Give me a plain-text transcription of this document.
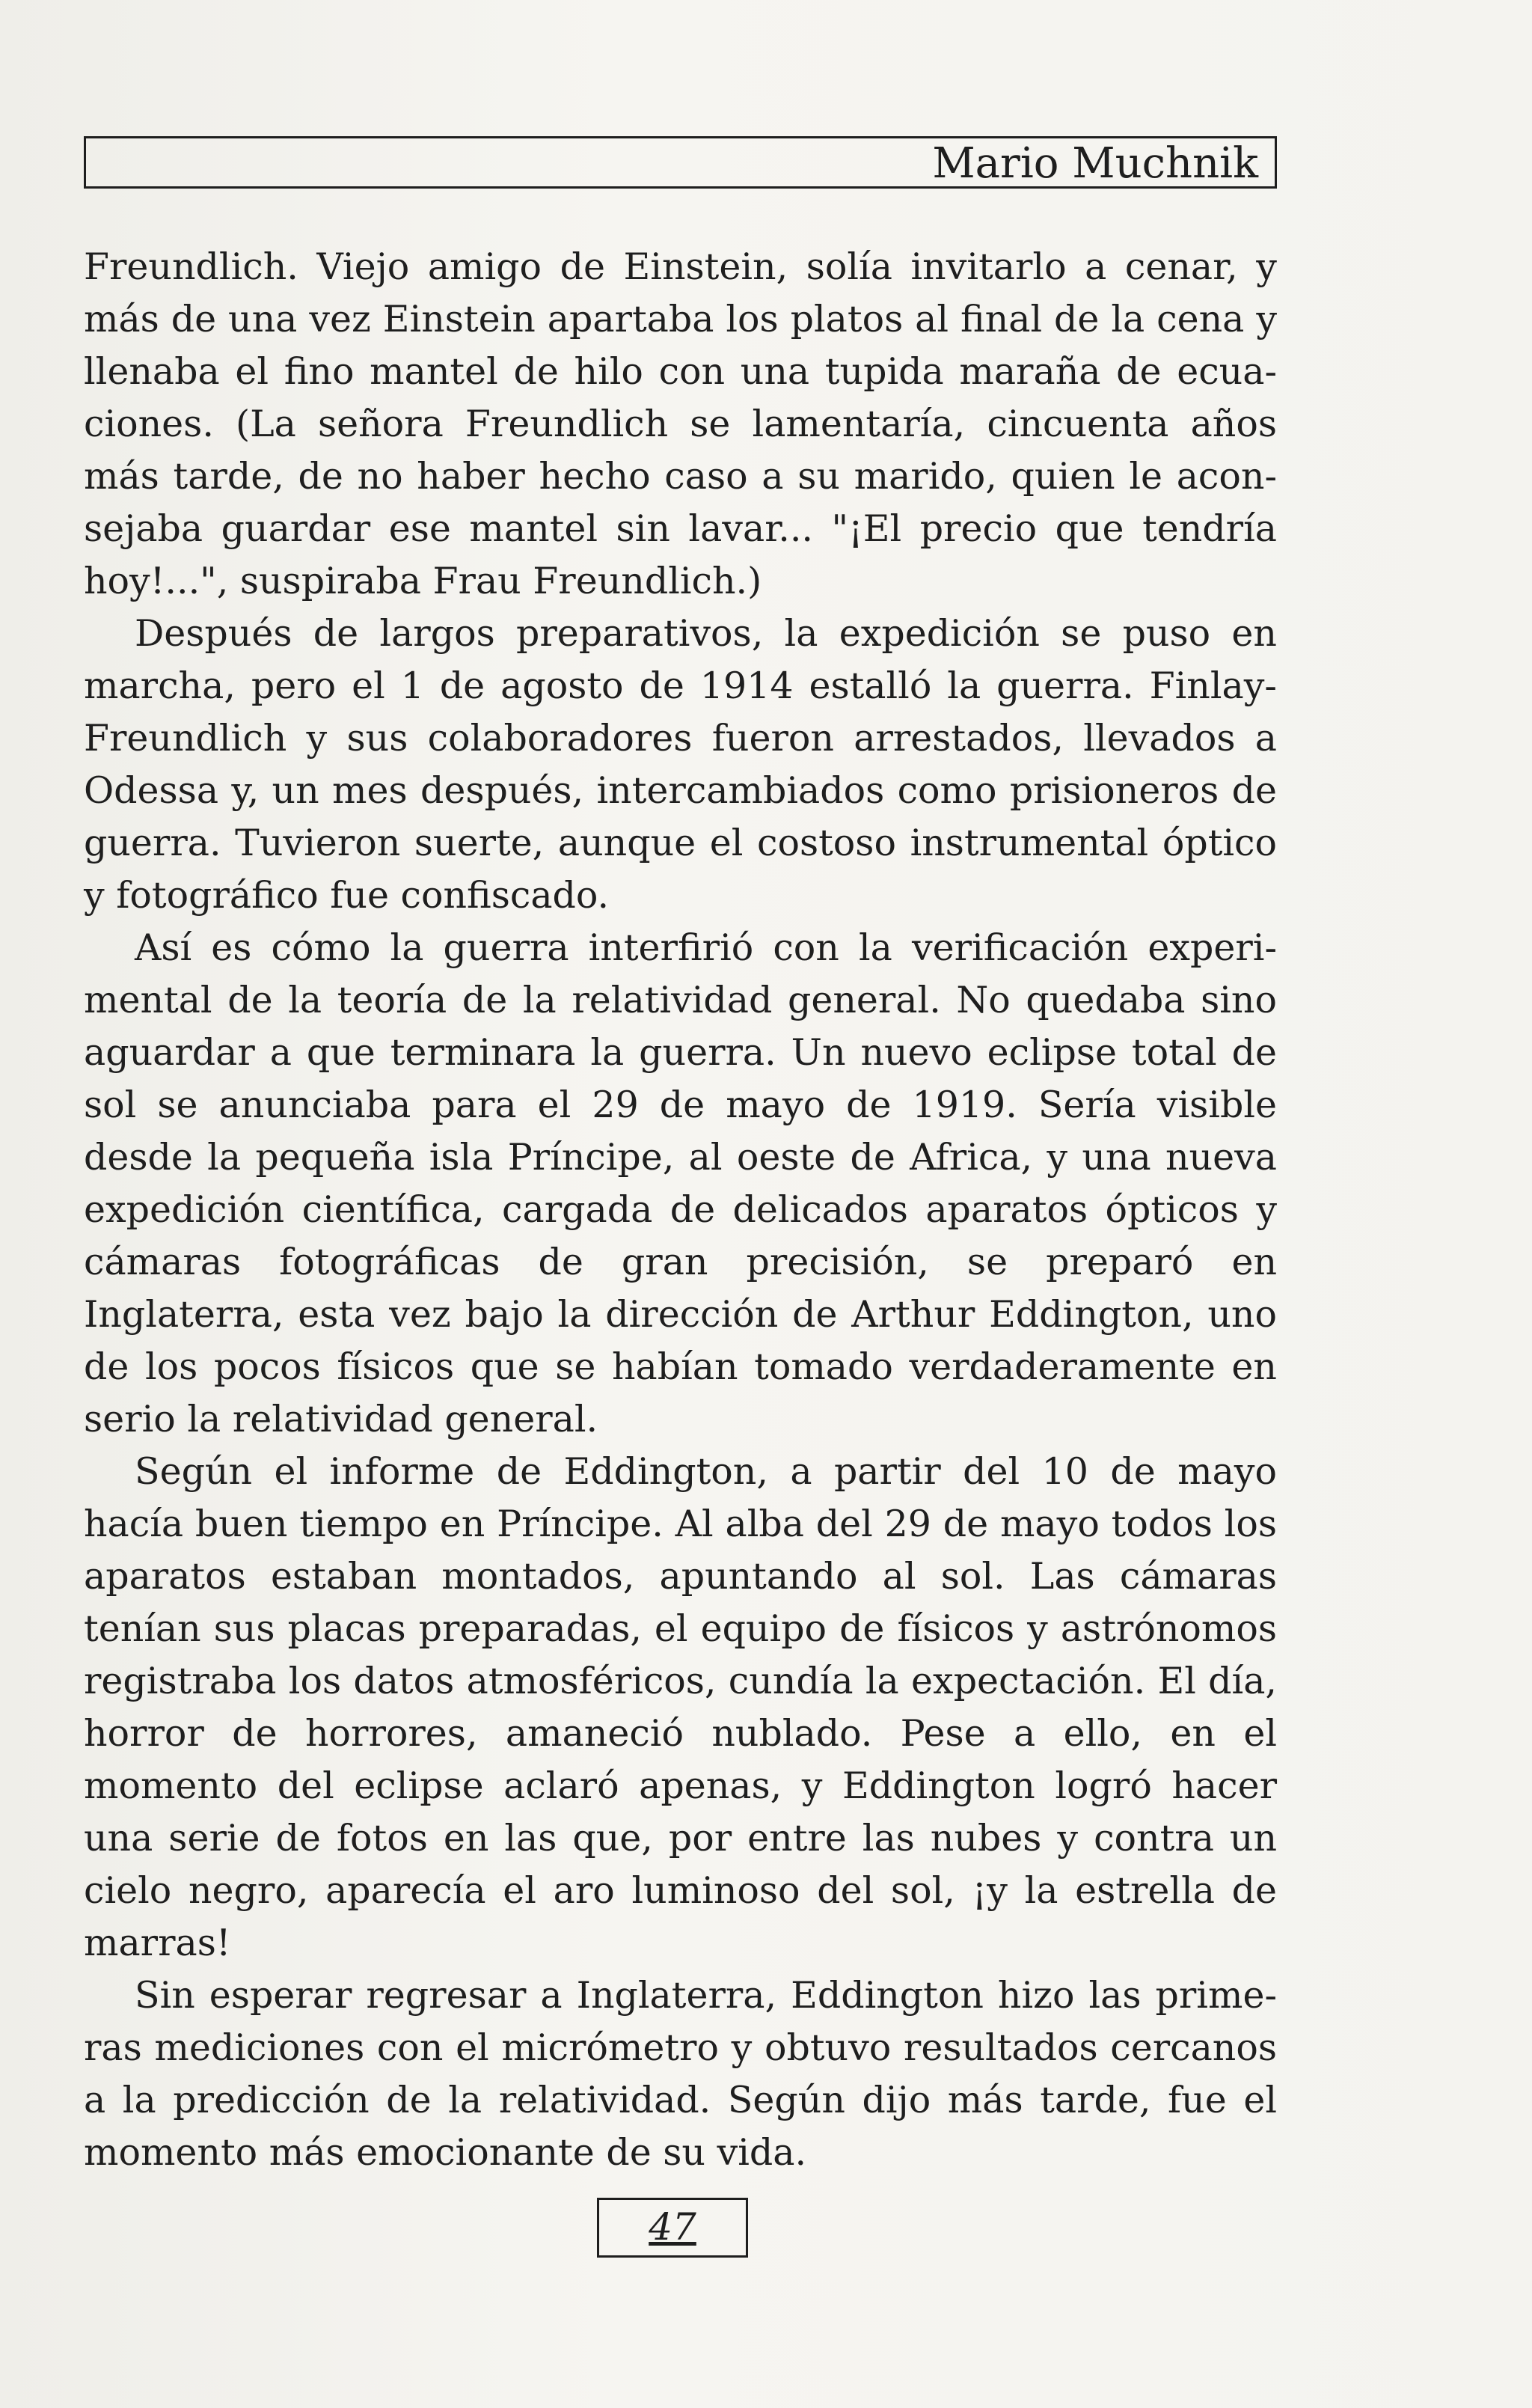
Mario Muchnik

Freundlich. Viejo amigo de Einstein, solía invitarlo a cenar, y más de una vez Einstein apartaba los platos al final de la cena y llenaba el fino mantel de hilo con una tupida maraña de ecuaciones. (La señora Freundlich se lamentaría, cincuenta años más tarde, de no haber hecho caso a su marido, quien le aconsejaba guardar ese mantel sin lavar... "¡El precio que tendría hoy!...", suspiraba Frau Freundlich.)

Después de largos preparativos, la expedición se puso en marcha, pero el 1 de agosto de 1914 estalló la guerra. Finlay-Freundlich y sus colaboradores fueron arrestados, llevados a Odessa y, un mes después, intercambiados como prisioneros de guerra. Tuvieron suerte, aunque el costoso instrumental óptico y fotográfico fue confiscado.

Así es cómo la guerra interfirió con la verificación experimental de la teoría de la relatividad general. No quedaba sino aguardar a que terminara la guerra. Un nuevo eclipse total de sol se anunciaba para el 29 de mayo de 1919. Sería visible desde la pequeña isla Príncipe, al oeste de Africa, y una nueva expedición científica, cargada de delicados aparatos ópticos y cámaras fotográficas de gran precisión, se preparó en Inglaterra, esta vez bajo la dirección de Arthur Eddington, uno de los pocos físicos que se habían tomado verdaderamente en serio la relatividad general.

Según el informe de Eddington, a partir del 10 de mayo hacía buen tiempo en Príncipe. Al alba del 29 de mayo todos los aparatos estaban montados, apuntando al sol. Las cámaras tenían sus placas preparadas, el equipo de físicos y astrónomos registraba los datos atmosféricos, cundía la expectación. El día, horror de horrores, amaneció nublado. Pese a ello, en el momento del eclipse aclaró apenas, y Eddington logró hacer una serie de fotos en las que, por entre las nubes y contra un cielo negro, aparecía el aro luminoso del sol, ¡y la estrella de marras!

Sin esperar regresar a Inglaterra, Eddington hizo las primeras mediciones con el micrómetro y obtuvo resultados cercanos a la predicción de la relatividad. Según dijo más tarde, fue el momento más emocionante de su vida.

47
